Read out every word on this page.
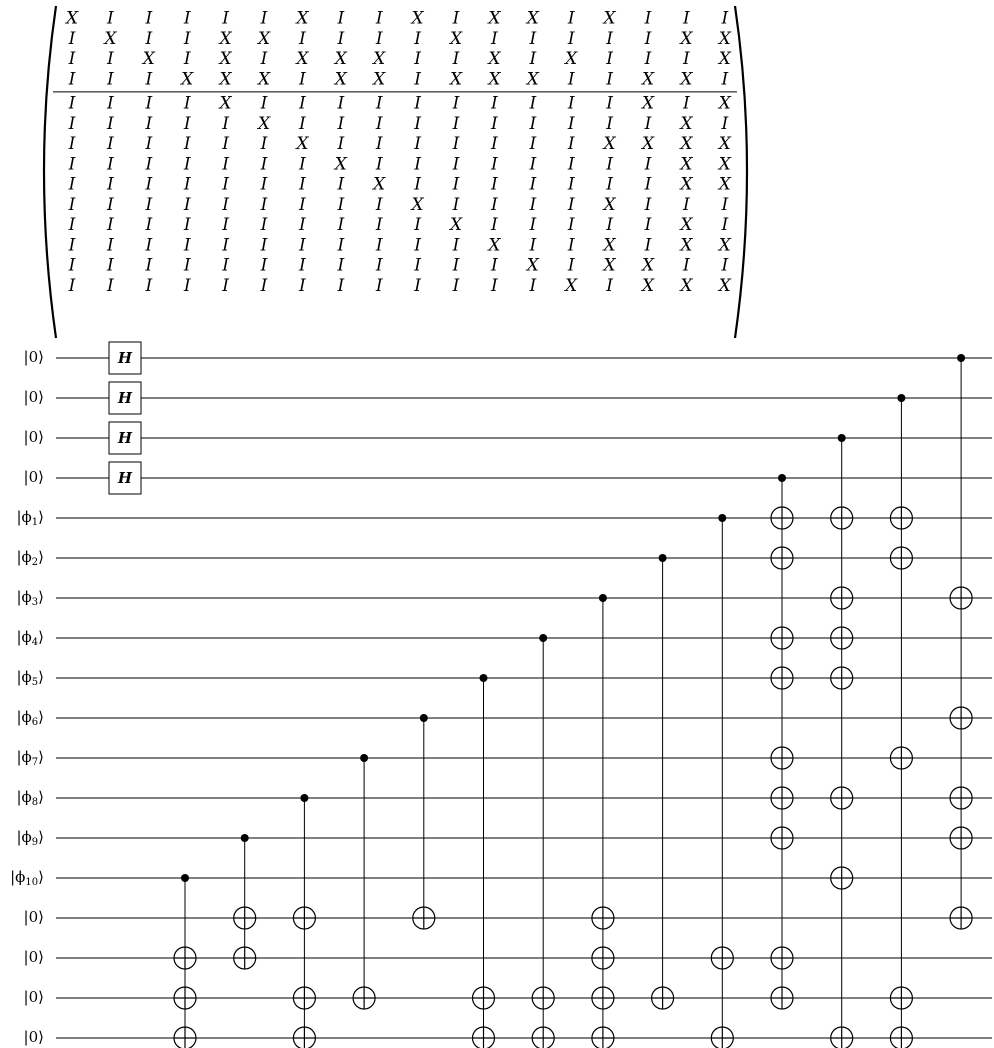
X I I I I I X I I X I X X I X I I I
I X I I X X I I I I X I I I I I X X
I I X I X I X X X I I X I X I I I X
I I I X X X I X X I X X X I I X X I
I I I I X I I I I I I I I I I X I X
I I I I I X I I I I I I I I I I X I
I I I I I I X I I I I I I I X X X X
I I I I I I I X I I I I I I I I X X
I I I I I I I I X I I I I I I I X X
I I I I I I I I I X I I I I X I I I
I I I I I I I I I I X I I I I I X I
I I I I I I I I I I I X I I X I X X
I I I I I I I I I I I I X I X X I I
I I I I I I I I I I I I I X I X X X
|0⟩
|0⟩
|0⟩
|0⟩
$|\phi_1⟩$
$|\phi_2⟩$
$|\phi_3⟩$
$|\phi_4⟩$
$|\phi_5⟩$
$|\phi_6⟩$
$|\phi_7⟩$
$|\phi_8⟩$
$|\phi_9⟩$
$|\phi_{10}⟩$
|0⟩
|0⟩
|0⟩
|0⟩
H
H
H
H
